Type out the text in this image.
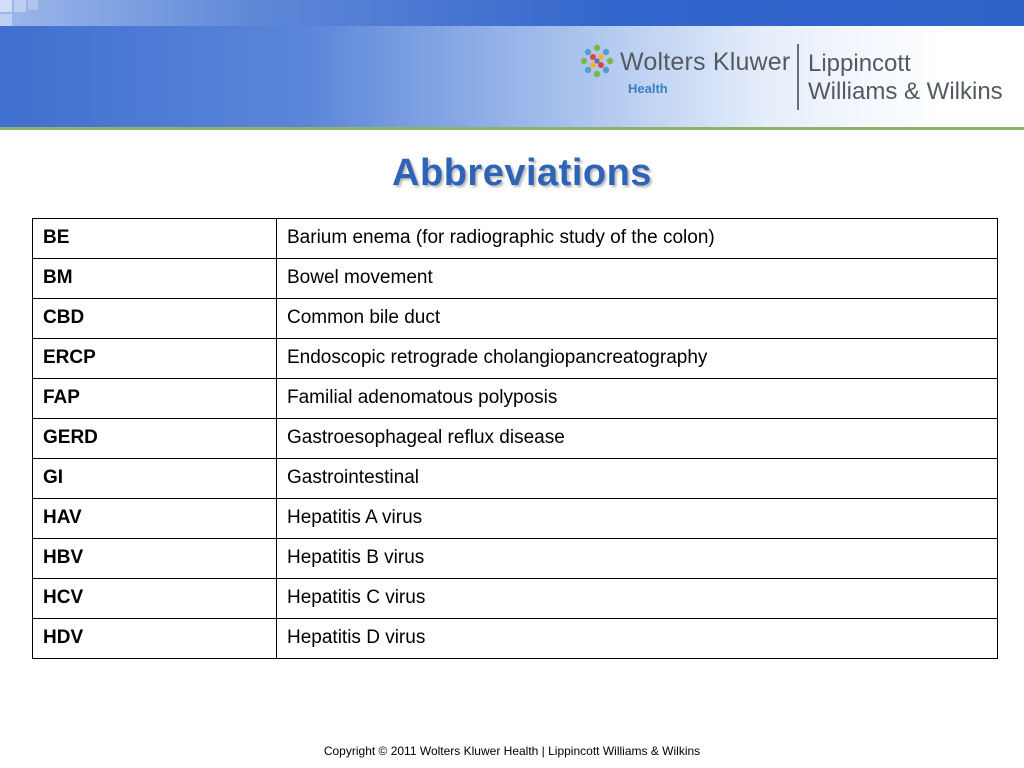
Wolters Kluwer
Health
Lippincott
Williams & Wilkins
Abbreviations
BE	Barium enema (for radiographic study of the colon)
BM	Bowel movement
CBD	Common bile duct
ERCP	Endoscopic retrograde cholangiopancreatography
FAP	Familial adenomatous polyposis
GERD	Gastroesophageal reflux disease
GI	Gastrointestinal
HAV	Hepatitis A virus
HBV	Hepatitis B virus
HCV	Hepatitis C virus
HDV	Hepatitis D virus
Copyright © 2011 Wolters Kluwer Health | Lippincott Williams & Wilkins
